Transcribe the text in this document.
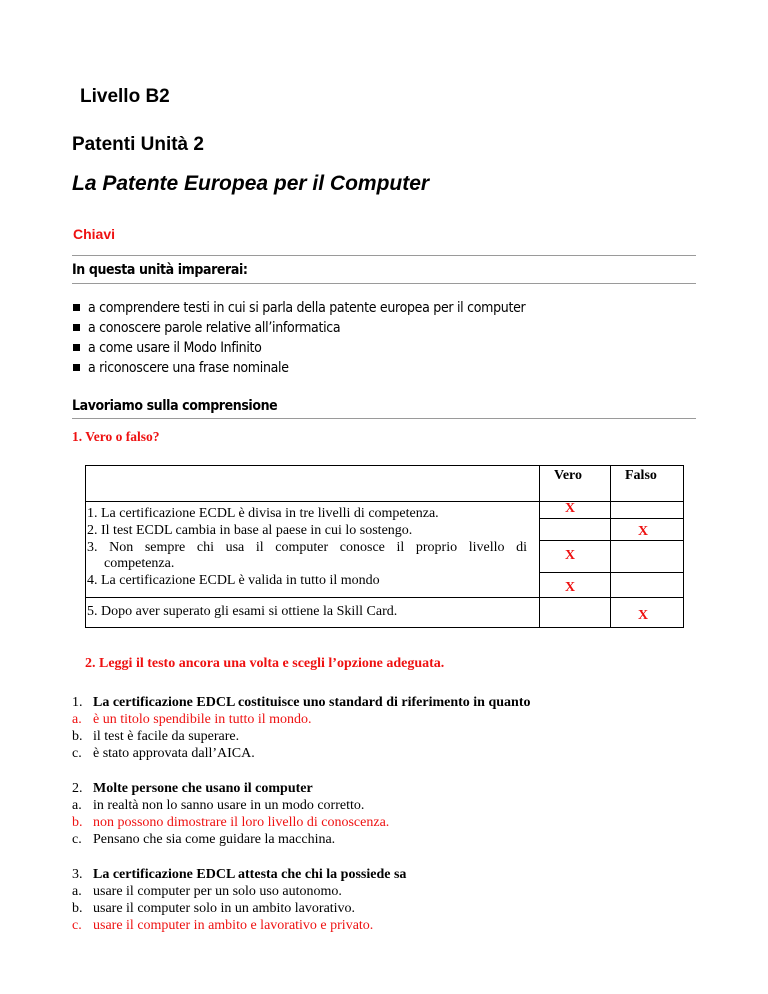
Livello B2
Patenti Unità 2
La Patente Europea per il Computer
Chiavi
In questa unità imparerai:
a comprendere testi in cui si parla della patente europea per il computer
a conoscere parole relative all’informatica
a come usare il Modo Infinito
a riconoscere una frase nominale
Lavoriamo sulla comprensione
1. Vero o falso?
Vero	Falso
1. La certificazione ECDL è divisa in tre livelli di competenza.
2. Il test ECDL cambia in base al paese in cui lo sostengo.
3. Non sempre chi usa il computer conosce il proprio livello di
competenza.
4. La certificazione ECDL è valida in tutto il mondo
5. Dopo aver superato gli esami si ottiene la Skill Card.
X
X
X
X
X
2. Leggi il testo ancora una volta e scegli l’opzione adeguata.
1. La certificazione EDCL costituisce uno standard di riferimento in quanto
a. è un titolo spendibile in tutto il mondo.
b. il test è facile da superare.
c. è stato approvata dall’AICA.
2. Molte persone che usano il computer
a. in realtà non lo sanno usare in un modo corretto.
b. non possono dimostrare il loro livello di conoscenza.
c. Pensano che sia come guidare la macchina.
3. La certificazione EDCL attesta che chi la possiede sa
a. usare il computer per un solo uso autonomo.
b. usare il computer solo in un ambito lavorativo.
c. usare il computer in ambito e lavorativo e privato.
